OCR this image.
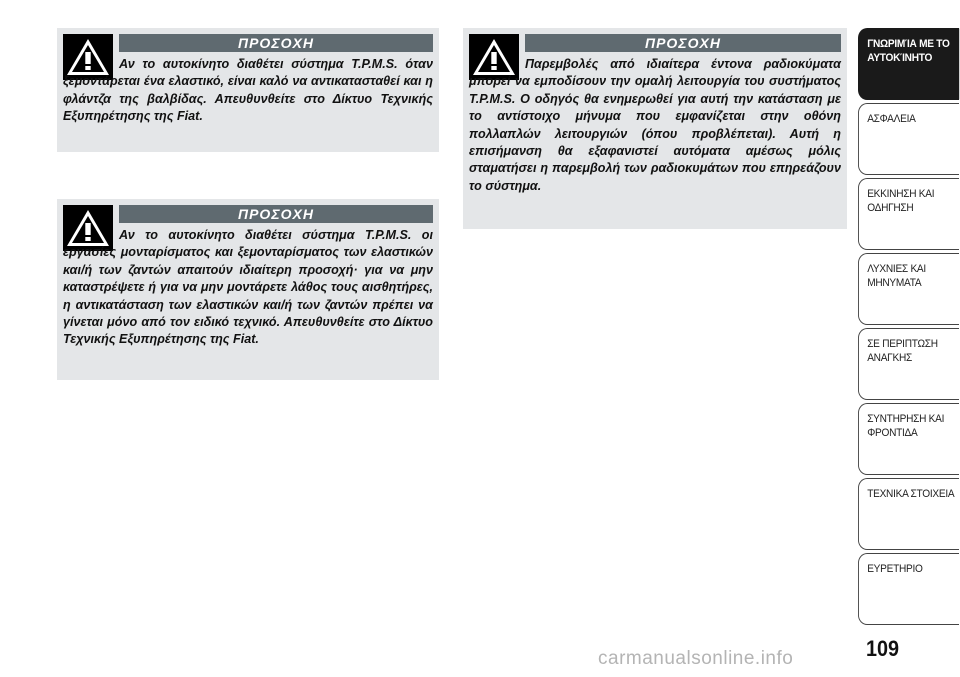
ΠΡΟΣΟΧΗ

Αν το αυτοκίνητο διαθέτει σύστημα T.P.M.S. όταν ξεμοντάρεται ένα ελαστικό, είναι καλό να αντικατασταθεί και η φλάντζα της βαλβίδας. Απευθυνθείτε στο Δίκτυο Τεχνικής Εξυπηρέτησης της Fiat.

ΠΡΟΣΟΧΗ

Αν το αυτοκίνητο διαθέτει σύστημα T.P.M.S. οι εργασίες μονταρίσματος και ξεμονταρίσματος των ελαστικών και/ή των ζαντών απαιτούν ιδιαίτερη προσοχή· για να μην καταστρέψετε ή για να μην μοντάρετε λάθος τους αισθητήρες, η αντικατάσταση των ελαστικών και/ή των ζαντών πρέπει να γίνεται μόνο από τον ειδικό τεχνικό. Απευθυνθείτε στο Δίκτυο Τεχνικής Εξυπηρέτησης της Fiat.

ΠΡΟΣΟΧΗ

Παρεμβολές από ιδιαίτερα έντονα ραδιοκύματα μπορεί να εμποδίσουν την ομαλή λειτουργία του συστήματος T.P.M.S. Ο οδηγός θα ενημερωθεί για αυτή την κατάσταση με το αντίστοιχο μήνυμα που εμφανίζεται στην οθόνη πολλαπλών λειτουργιών (όπου προβλέπεται). Αυτή η επισήμανση θα εξαφανιστεί αυτόματα αμέσως μόλις σταματήσει η παρεμβολή των ραδιοκυμάτων που επηρεάζουν το σύστημα.

ΓΝΩΡΙΜΊΑ ΜΕ ΤΟ
ΑΥΤΟΚΊΝΗΤΟ
ΑΣΦΑΛΕΙΑ
ΕΚΚΙΝΗΣΗ ΚΑΙ
ΟΔΗΓΗΣΗ
ΛΥΧΝΙΕΣ ΚΑΙ
ΜΗΝΥΜΑΤΑ
ΣΕ ΠΕΡΙΠΤΩΣΗ
ΑΝΑΓΚΗΣ
ΣΥΝΤΗΡΗΣΗ ΚΑΙ
ΦΡΟΝΤΙΔΑ
ΤΕΧΝΙΚΑ ΣΤΟΙΧΕΙΑ
ΕΥΡΕΤΗΡΙΟ
109
carmanualsonline.info
